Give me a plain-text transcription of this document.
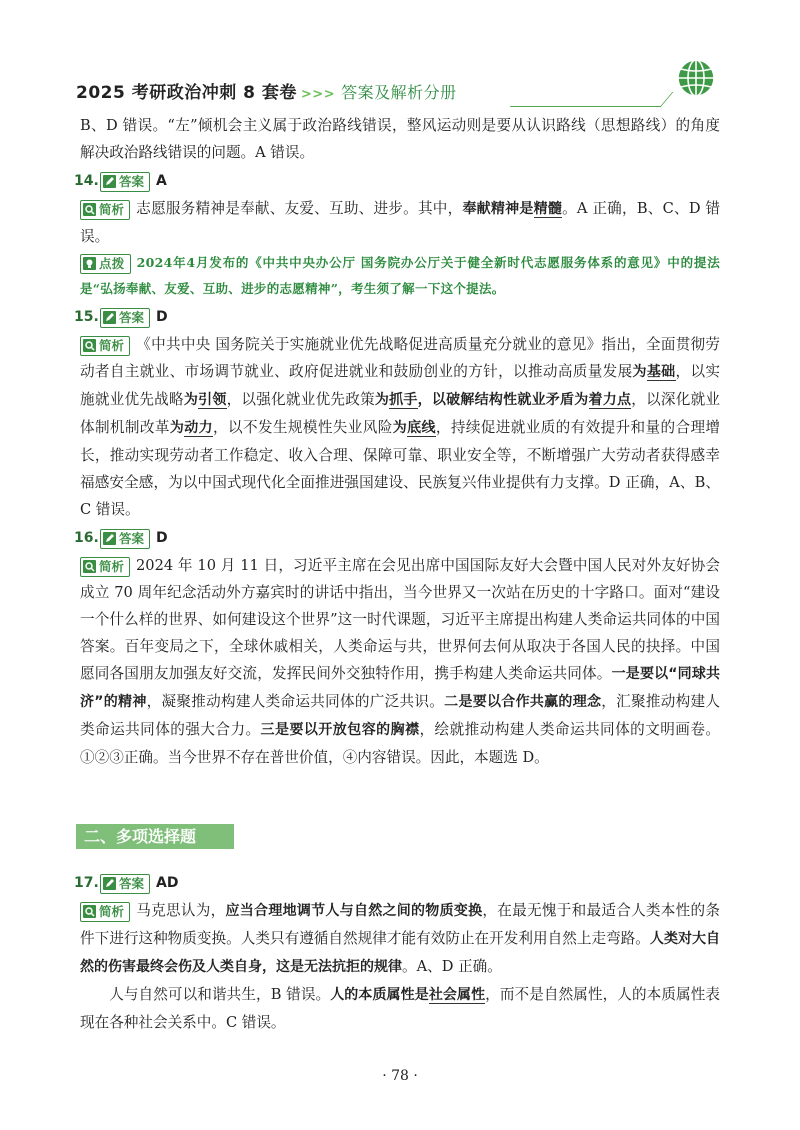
2025 考研政治冲刺 8 套卷 >>> 答案及解析分册

B、D 错误。“左”倾机会主义属于政治路线错误，整风运动则是要从认识路线（思想路线）的角度解决政治路线错误的问题。A 错误。

14. 答案 A

简析 志愿服务精神是奉献、友爱、互助、进步。其中，奉献精神是精髓。A 正确，B、C、D 错误。

点拨 2024年4月发布的《中共中央办公厅 国务院办公厅关于健全新时代志愿服务体系的意见》中的提法是“弘扬奉献、友爱、互助、进步的志愿精神”，考生须了解一下这个提法。

15. 答案 D

简析 《中共中央 国务院关于实施就业优先战略促进高质量充分就业的意见》指出，全面贯彻劳动者自主就业、市场调节就业、政府促进就业和鼓励创业的方针，以推动高质量发展为基础，以实施就业优先战略为引领，以强化就业优先政策为抓手，以破解结构性就业矛盾为着力点，以深化就业体制机制改革为动力，以不发生规模性失业风险为底线，持续促进就业质的有效提升和量的合理增长，推动实现劳动者工作稳定、收入合理、保障可靠、职业安全等，不断增强广大劳动者获得感幸福感安全感，为以中国式现代化全面推进强国建设、民族复兴伟业提供有力支撑。D 正确，A、B、C 错误。

16. 答案 D

简析 2024 年 10 月 11 日，习近平主席在会见出席中国国际友好大会暨中国人民对外友好协会成立 70 周年纪念活动外方嘉宾时的讲话中指出，当今世界又一次站在历史的十字路口。面对“建设一个什么样的世界、如何建设这个世界”这一时代课题，习近平主席提出构建人类命运共同体的中国答案。百年变局之下，全球休戚相关，人类命运与共，世界何去何从取决于各国人民的抉择。中国愿同各国朋友加强友好交流，发挥民间外交独特作用，携手构建人类命运共同体。一是要以“同球共济”的精神，凝聚推动构建人类命运共同体的广泛共识。二是要以合作共赢的理念，汇聚推动构建人类命运共同体的强大合力。三是要以开放包容的胸襟，绘就推动构建人类命运共同体的文明画卷。①②③正确。当今世界不存在普世价值，④内容错误。因此，本题选 D。

二、多项选择题
17. 答案 AD

简析 马克思认为，应当合理地调节人与自然之间的物质变换，在最无愧于和最适合人类本性的条件下进行这种物质变换。人类只有遵循自然规律才能有效防止在开发利用自然上走弯路。人类对大自然的伤害最终会伤及人类自身，这是无法抗拒的规律。A、D 正确。

人与自然可以和谐共生，B 错误。人的本质属性是社会属性，而不是自然属性，人的本质属性表现在各种社会关系中。C 错误。

· 78 ·
